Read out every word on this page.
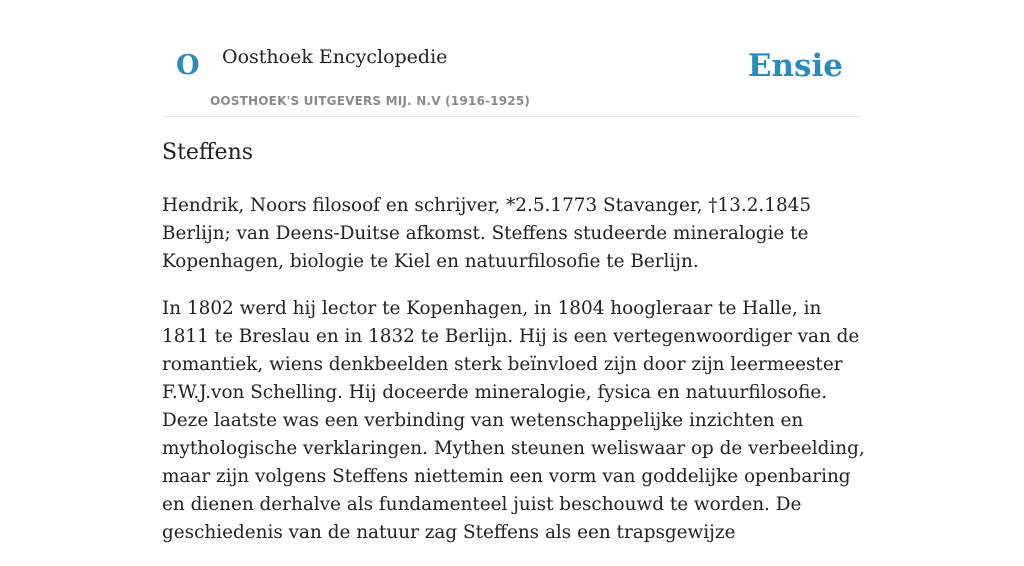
O Oosthoek Encyclopedie
OOSTHOEK'S UITGEVERS MIJ. N.V (1916-1925)
Ensie
Steffens

Hendrik, Noors filosoof en schrijver, *2.5.1773 Stavanger, †13.2.1845 Berlijn; van Deens-Duitse afkomst. Steffens studeerde mineralogie te Kopenhagen, biologie te Kiel en natuurfilosofie te Berlijn.

In 1802 werd hij lector te Kopenhagen, in 1804 hoogleraar te Halle, in 1811 te Breslau en in 1832 te Berlijn. Hij is een vertegenwoordiger van de romantiek, wiens denkbeelden sterk beïnvloed zijn door zijn leermeester F.W.J.von Schelling. Hij doceerde mineralogie, fysica en natuurfilosofie. Deze laatste was een verbinding van wetenschappelijke inzichten en mythologische verklaringen. Mythen steunen weliswaar op de verbeelding, maar zijn volgens Steffens niettemin een vorm van goddelijke openbaring en dienen derhalve als fundamenteel juist beschouwd te worden. De geschiedenis van de natuur zag Steffens als een trapsgewijze
